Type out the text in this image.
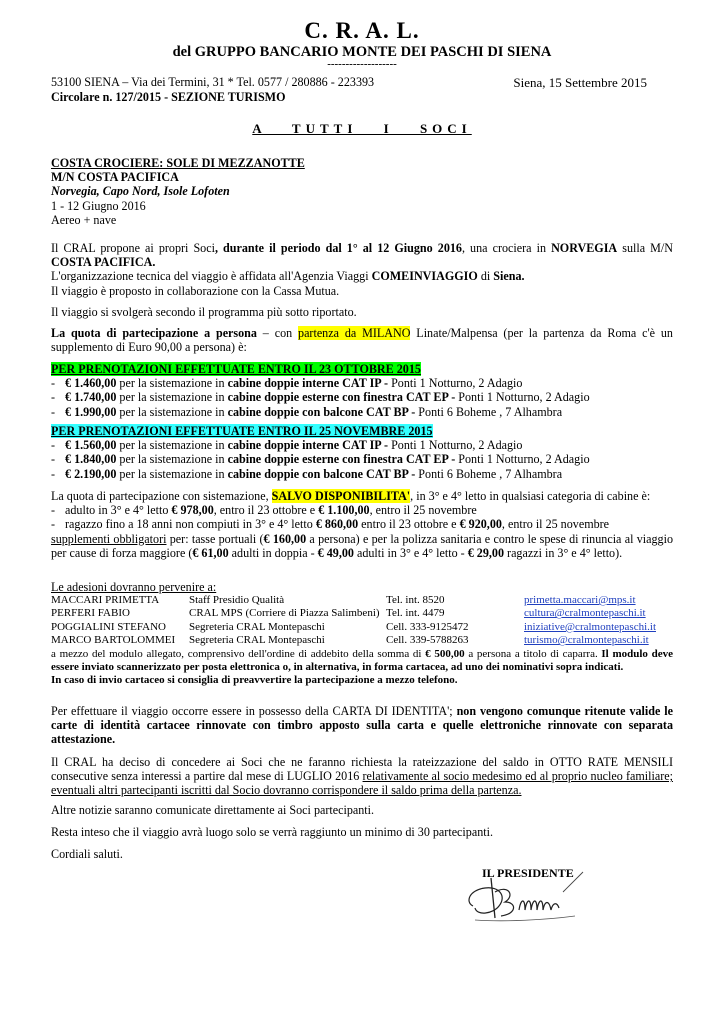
C. R. A. L.

del GRUPPO BANCARIO MONTE DEI PASCHI DI SIENA

-------------------

53100 SIENA – Via dei Termini, 31 * Tel. 0577 / 280886 - 223393	Siena, 15 Settembre 2015

Circolare n. 127/2015 - SEZIONE TURISMO

A TUTTI I SOCI

COSTA CROCIERE: SOLE DI MEZZANOTTE

M/N COSTA PACIFICA

Norvegia, Capo Nord, Isole Lofoten

1 - 12 Giugno 2016

Aereo + nave

Il CRAL propone ai propri Soci, durante il periodo dal 1° al 12 Giugno 2016, una crociera in NORVEGIA sulla M/N COSTA PACIFICA.

L'organizzazione tecnica del viaggio è affidata all'Agenzia Viaggi COMEINVIAGGIO di Siena.

Il viaggio è proposto in collaborazione con la Cassa Mutua.

Il viaggio si svolgerà secondo il programma più sotto riportato.

La quota di partecipazione a persona – con partenza da MILANO Linate/Malpensa (per la partenza da Roma c'è un supplemento di Euro 90,00 a persona) è:

PER PRENOTAZIONI EFFETTUATE ENTRO IL 23 OTTOBRE 2015

- € 1.460,00 per la sistemazione in cabine doppie interne CAT IP - Ponti 1 Notturno, 2 Adagio
- € 1.740,00 per la sistemazione in cabine doppie esterne con finestra CAT EP - Ponti 1 Notturno, 2 Adagio
- € 1.990,00 per la sistemazione in cabine doppie con balcone CAT BP - Ponti 6 Boheme , 7 Alhambra

PER PRENOTAZIONI EFFETTUATE ENTRO IL 25 NOVEMBRE 2015

- € 1.560,00 per la sistemazione in cabine doppie interne CAT IP - Ponti 1 Notturno, 2 Adagio
- € 1.840,00 per la sistemazione in cabine doppie esterne con finestra CAT EP - Ponti 1 Notturno, 2 Adagio
- € 2.190,00 per la sistemazione in cabine doppie con balcone CAT BP - Ponti 6 Boheme , 7 Alhambra

La quota di partecipazione con sistemazione, SALVO DISPONIBILITA', in 3° e 4° letto in qualsiasi categoria di cabine è:

- adulto in 3° e 4° letto € 978,00, entro il 23 ottobre e € 1.100,00, entro il 25 novembre
- ragazzo fino a 18 anni non compiuti in 3° e 4° letto € 860,00 entro il 23 ottobre e € 920,00, entro il 25 novembre

supplementi obbligatori per: tasse portuali (€ 160,00 a persona) e per la polizza sanitaria e contro le spese di rinuncia al viaggio per cause di forza maggiore (€ 61,00 adulti in doppia - € 49,00 adulti in 3° e 4° letto - € 29,00 ragazzi in 3° e 4° letto).

Le adesioni dovranno pervenire a:

MACCARI PRIMETTA	Staff Presidio Qualità	Tel. int. 8520	primetta.maccari@mps.it
PERFERI FABIO	CRAL MPS (Corriere di Piazza Salimbeni) Tel. int. 4479	cultura@cralmontepaschi.it
POGGIALINI STEFANO	Segreteria CRAL Montepaschi	Cell. 333-9125472	iniziative@cralmontepaschi.it
MARCO BARTOLOMMEI	Segreteria CRAL Montepaschi	Cell. 339-5788263	turismo@cralmontepaschi.it

a mezzo del modulo allegato, comprensivo dell'ordine di addebito della somma di € 500,00 a persona a titolo di caparra. Il modulo deve essere inviato scannerizzato per posta elettronica o, in alternativa, in forma cartacea, ad uno dei nominativi sopra indicati.

In caso di invio cartaceo si consiglia di preavvertire la partecipazione a mezzo telefono.

Per effettuare il viaggio occorre essere in possesso della CARTA DI IDENTITA'; non vengono comunque ritenute valide le carte di identità cartacee rinnovate con timbro apposto sulla carta e quelle elettroniche rinnovate con separata attestazione.

Il CRAL ha deciso di concedere ai Soci che ne faranno richiesta la rateizzazione del saldo in OTTO RATE MENSILI consecutive senza interessi a partire dal mese di LUGLIO 2016 relativamente al socio medesimo ed al proprio nucleo familiare; eventuali altri partecipanti iscritti dal Socio dovranno corrispondere il saldo prima della partenza.

Altre notizie saranno comunicate direttamente ai Soci partecipanti.

Resta inteso che il viaggio avrà luogo solo se verrà raggiunto un minimo di 30 partecipanti.

Cordiali saluti.

IL PRESIDENTE
